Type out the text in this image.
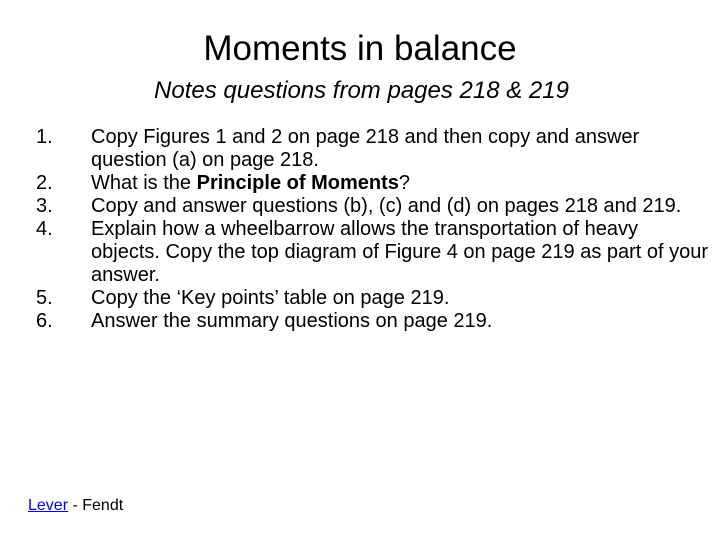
Moments in balance
Notes questions from pages 218 & 219
1.	Copy Figures 1 and 2 on page 218 and then copy and answer question (a) on page 218.
2.	What is the Principle of Moments?
3.	Copy and answer questions (b), (c) and (d) on pages 218 and 219.
4.	Explain how a wheelbarrow allows the transportation of heavy objects. Copy the top diagram of Figure 4 on page 219 as part of your answer.
5.	Copy the ‘Key points’ table on page 219.
6.	Answer the summary questions on page 219.
Lever - Fendt
